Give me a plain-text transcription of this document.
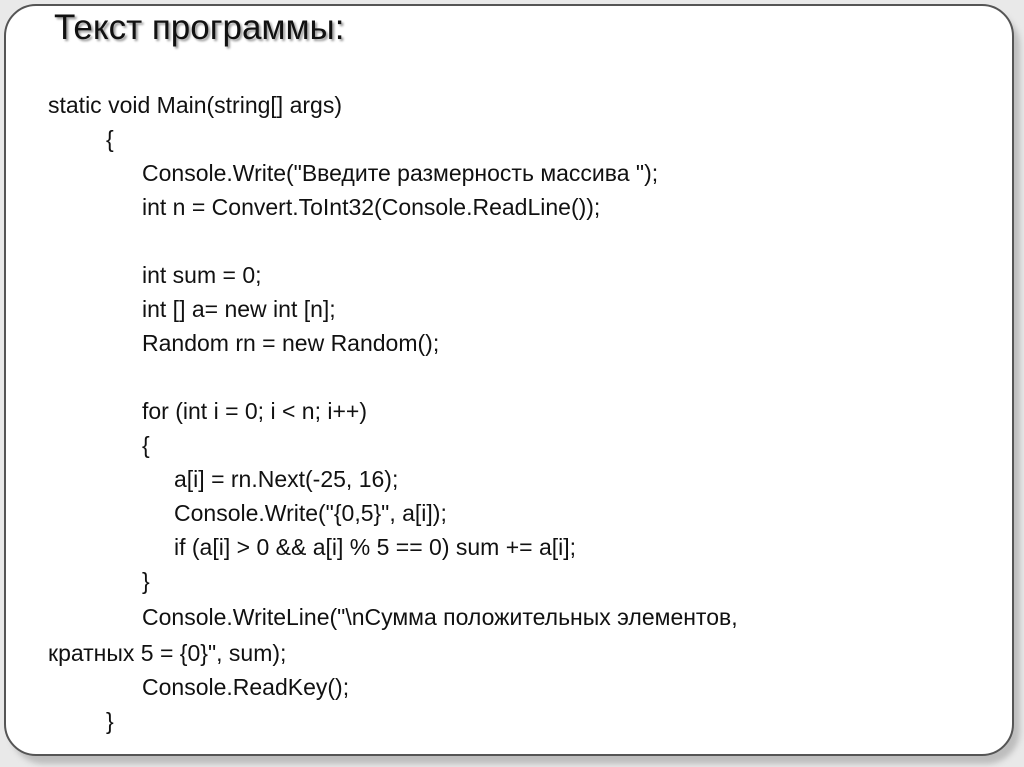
Текст программы:
static void Main(string[] args)
{
Console.Write("Введите размерность массива ");
int n = Convert.ToInt32(Console.ReadLine());
int sum = 0;
int [] a= new int [n];
Random rn = new Random();
for (int i = 0; i < n; i++)
{
a[i] = rn.Next(-25, 16);
Console.Write("{0,5}", a[i]);
if (a[i] > 0 && a[i] % 5 == 0) sum += a[i];
}
Console.WriteLine("\nСумма положительных элементов,
кратных 5 = {0}", sum);
Console.ReadKey();
}
